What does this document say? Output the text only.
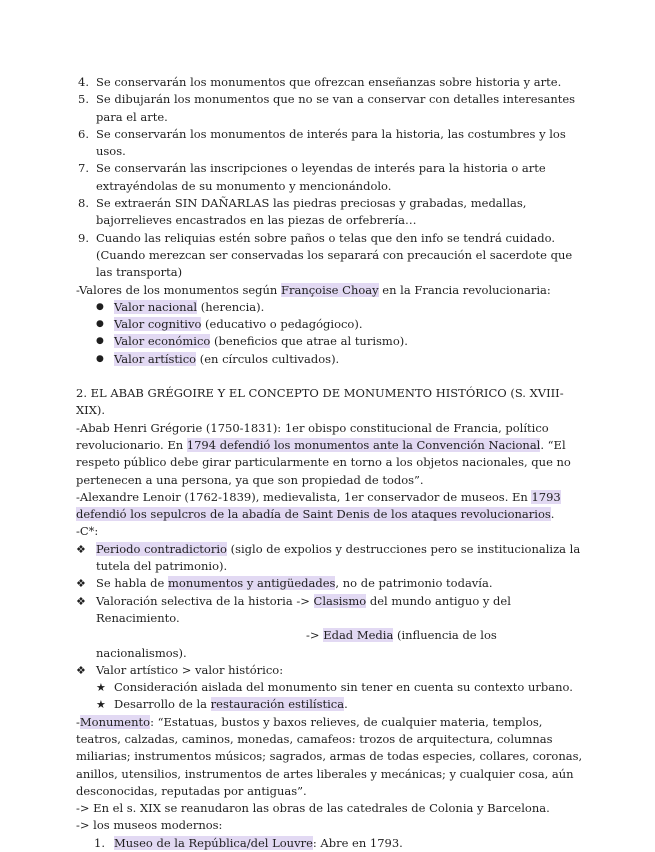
4. Se conservarán los monumentos que ofrezcan enseñanzas sobre historia y arte.
5. Se dibujarán los monumentos que no se van a conservar con detalles interesantes para el arte.
6. Se conservarán los monumentos de interés para la historia, las costumbres y los usos.
7. Se conservarán las inscripciones o leyendas de interés para la historia o arte extrayéndolas de su monumento y mencionándolo.
8. Se extraerán SIN DAÑARLAS las piedras preciosas y grabadas, medallas, bajorrelieves encastrados en las piezas de orfebrería…
9. Cuando las reliquias estén sobre paños o telas que den info se tendrá cuidado. (Cuando merezcan ser conservadas los separará con precaución el sacerdote que las transporta)

-Valores de los monumentos según Françoise Choay en la Francia revolucionaria:

● Valor nacional (herencia).
● Valor cognitivo (educativo o pedagógioco).
● Valor económico (beneficios que atrae al turismo).
● Valor artístico (en círculos cultivados).

2. EL ABAB GRÉGOIRE Y EL CONCEPTO DE MONUMENTO HISTÓRICO (S. XVIII-XIX).

-Abab Henri Grégorie (1750-1831): 1er obispo constitucional de Francia, político revolucionario. En 1794 defendió los monumentos ante la Convención Nacional. “El respeto público debe girar particularmente en torno a los objetos nacionales, que no pertenecen a una persona, ya que son propiedad de todos”.

-Alexandre Lenoir (1762-1839), medievalista, 1er conservador de museos. En 1793 defendió los sepulcros de la abadía de Saint Denis de los ataques revolucionarios.

-C*:

❖ Periodo contradictorio (siglo de expolios y destrucciones pero se institucionaliza la tutela del patrimonio).
❖ Se habla de monumentos y antigüedades, no de patrimonio todavía.
❖ Valoración selectiva de la historia -> Clasismo del mundo antiguo y del Renacimiento.
-> Edad Media (influencia de los nacionalismos).
❖ Valor artístico > valor histórico:
★ Consideración aislada del monumento sin tener en cuenta su contexto urbano.
★ Desarrollo de la restauración estilística.

-Monumento: “Estatuas, bustos y baxos relieves, de cualquier materia, templos, teatros, calzadas, caminos, monedas, camafeos: trozos de arquitectura, columnas miliarias; instrumentos músicos; sagrados, armas de todas especies, collares, coronas, anillos, utensilios, instrumentos de artes liberales y mecánicas; y cualquier cosa, aún desconocidas, reputadas por antiguas”.

-> En el s. XIX se reanudaron las obras de las catedrales de Colonia y Barcelona.

-> los museos modernos:

1. Museo de la República/del Louvre: Abre en 1793.
